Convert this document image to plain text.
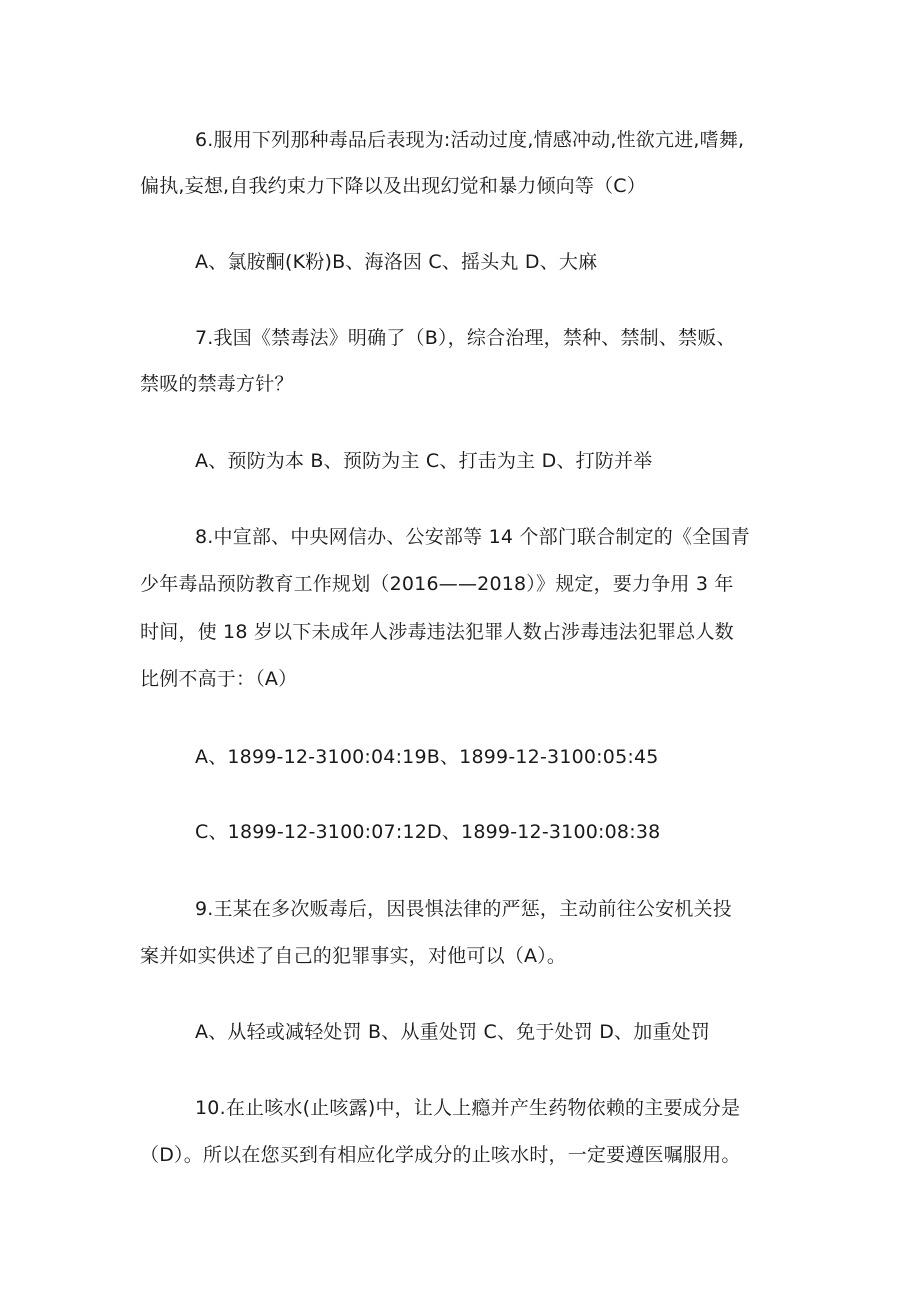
6.服用下列那种毒品后表现为:活动过度,情感冲动,性欲亢进,嗜舞,
偏执,妄想,自我约束力下降以及出现幻觉和暴力倾向等（C）
A、氯胺酮(K粉)B、海洛因 C、摇头丸 D、大麻
7.我国《禁毒法》明确了（B），综合治理，禁种、禁制、禁贩、
禁吸的禁毒方针？
A、预防为本 B、预防为主 C、打击为主 D、打防并举
8.中宣部、中央网信办、公安部等 14 个部门联合制定的《全国青
少年毒品预防教育工作规划（2016——2018）》规定，要力争用 3 年
时间，使 18 岁以下未成年人涉毒违法犯罪人数占涉毒违法犯罪总人数
比例不高于：（A）
A、1899-12-3100:04:19B、1899-12-3100:05:45
C、1899-12-3100:07:12D、1899-12-3100:08:38
9.王某在多次贩毒后，因畏惧法律的严惩，主动前往公安机关投
案并如实供述了自己的犯罪事实，对他可以（A）。
A、从轻或减轻处罚 B、从重处罚 C、免于处罚 D、加重处罚
10.在止咳水(止咳露)中，让人上瘾并产生药物依赖的主要成分是
（D）。所以在您买到有相应化学成分的止咳水时，一定要遵医嘱服用。
